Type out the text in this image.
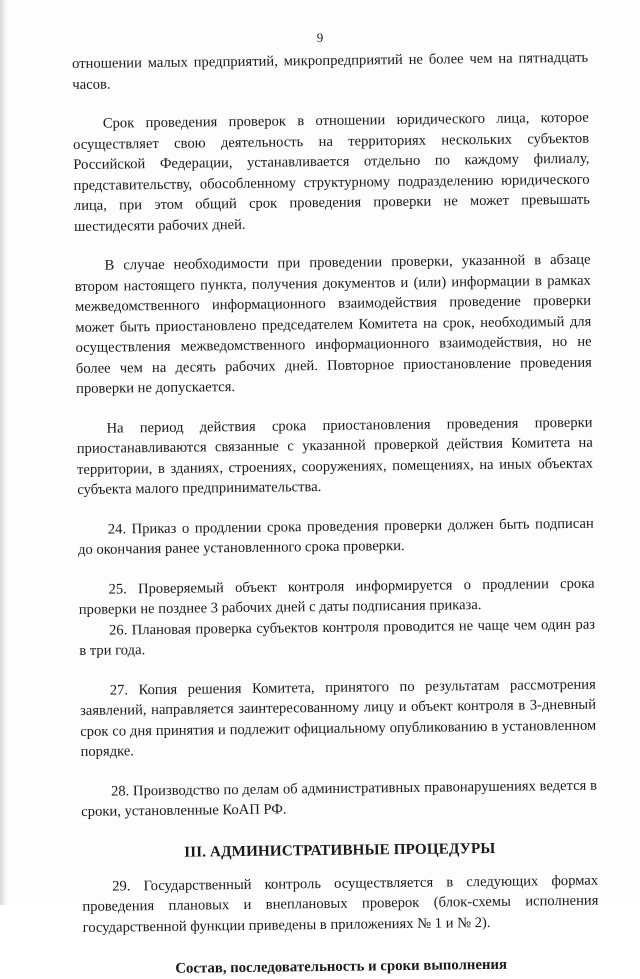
9

отношении малых предприятий, микропредприятий не более чем на пятнадцать часов.

Срок проведения проверок в отношении юридического лица, которое осуществляет свою деятельность на территориях нескольких субъектов Российской Федерации, устанавливается отдельно по каждому филиалу, представительству, обособленному структурному подразделению юридического лица, при этом общий срок проведения проверки не может превышать шестидесяти рабочих дней.

В случае необходимости при проведении проверки, указанной в абзаце втором настоящего пункта, получения документов и (или) информации в рамках межведомственного информационного взаимодействия проведение проверки может быть приостановлено председателем Комитета на срок, необходимый для осуществления межведомственного информационного взаимодействия, но не более чем на десять рабочих дней. Повторное приостановление проведения проверки не допускается.

На период действия срока приостановления проведения проверки приостанавливаются связанные с указанной проверкой действия Комитета на территории, в зданиях, строениях, сооружениях, помещениях, на иных объектах субъекта малого предпринимательства.

24. Приказ о продлении срока проведения проверки должен быть подписан до окончания ранее установленного срока проверки.

25. Проверяемый объект контроля информируется о продлении срока проверки не позднее 3 рабочих дней с даты подписания приказа.

26. Плановая проверка субъектов контроля проводится не чаще чем один раз в три года.

27. Копия решения Комитета, принятого по результатам рассмотрения заявлений, направляется заинтересованному лицу и объект контроля в 3-дневный срок со дня принятия и подлежит официальному опубликованию в установленном порядке.

28. Производство по делам об административных правонарушениях ведется в сроки, установленные КоАП РФ.

III. АДМИНИСТРАТИВНЫЕ ПРОЦЕДУРЫ

29. Государственный контроль осуществляется в следующих формах проведения плановых и внеплановых проверок (блок-схемы исполнения государственной функции приведены в приложениях № 1 и № 2).

Состав, последовательность и сроки выполнения
